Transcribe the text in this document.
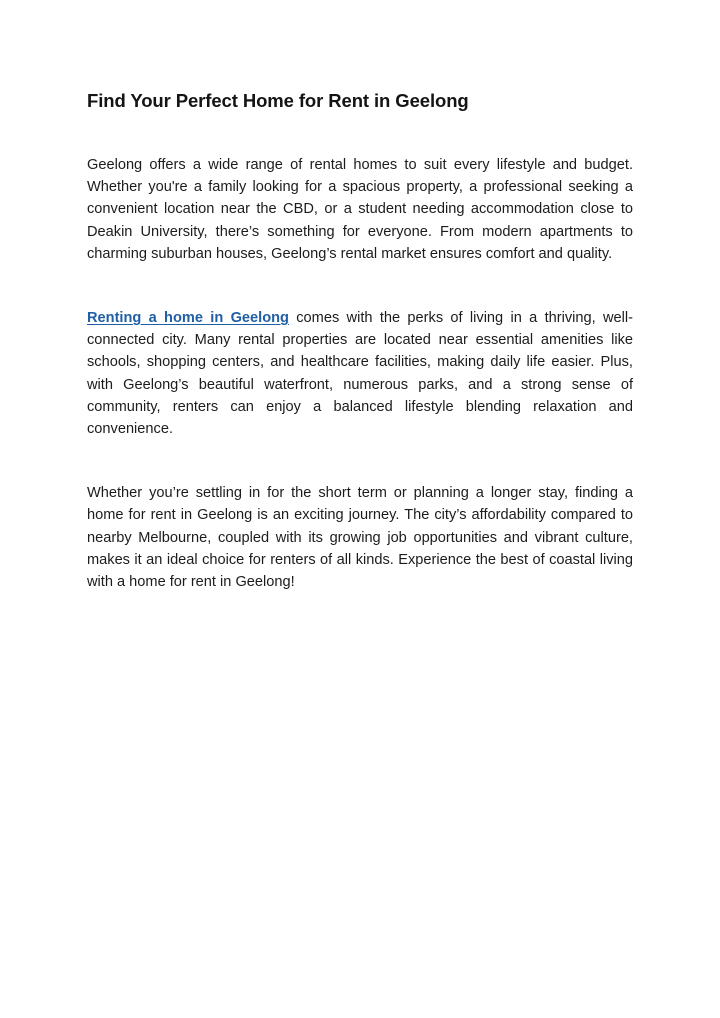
Find Your Perfect Home for Rent in Geelong

Geelong offers a wide range of rental homes to suit every lifestyle and budget. Whether you're a family looking for a spacious property, a professional seeking a convenient location near the CBD, or a student needing accommodation close to Deakin University, there’s something for everyone. From modern apartments to charming suburban houses, Geelong’s rental market ensures comfort and quality.

Renting a home in Geelong comes with the perks of living in a thriving, well-connected city. Many rental properties are located near essential amenities like schools, shopping centers, and healthcare facilities, making daily life easier. Plus, with Geelong’s beautiful waterfront, numerous parks, and a strong sense of community, renters can enjoy a balanced lifestyle blending relaxation and convenience.

Whether you’re settling in for the short term or planning a longer stay, finding a home for rent in Geelong is an exciting journey. The city’s affordability compared to nearby Melbourne, coupled with its growing job opportunities and vibrant culture, makes it an ideal choice for renters of all kinds. Experience the best of coastal living with a home for rent in Geelong!
